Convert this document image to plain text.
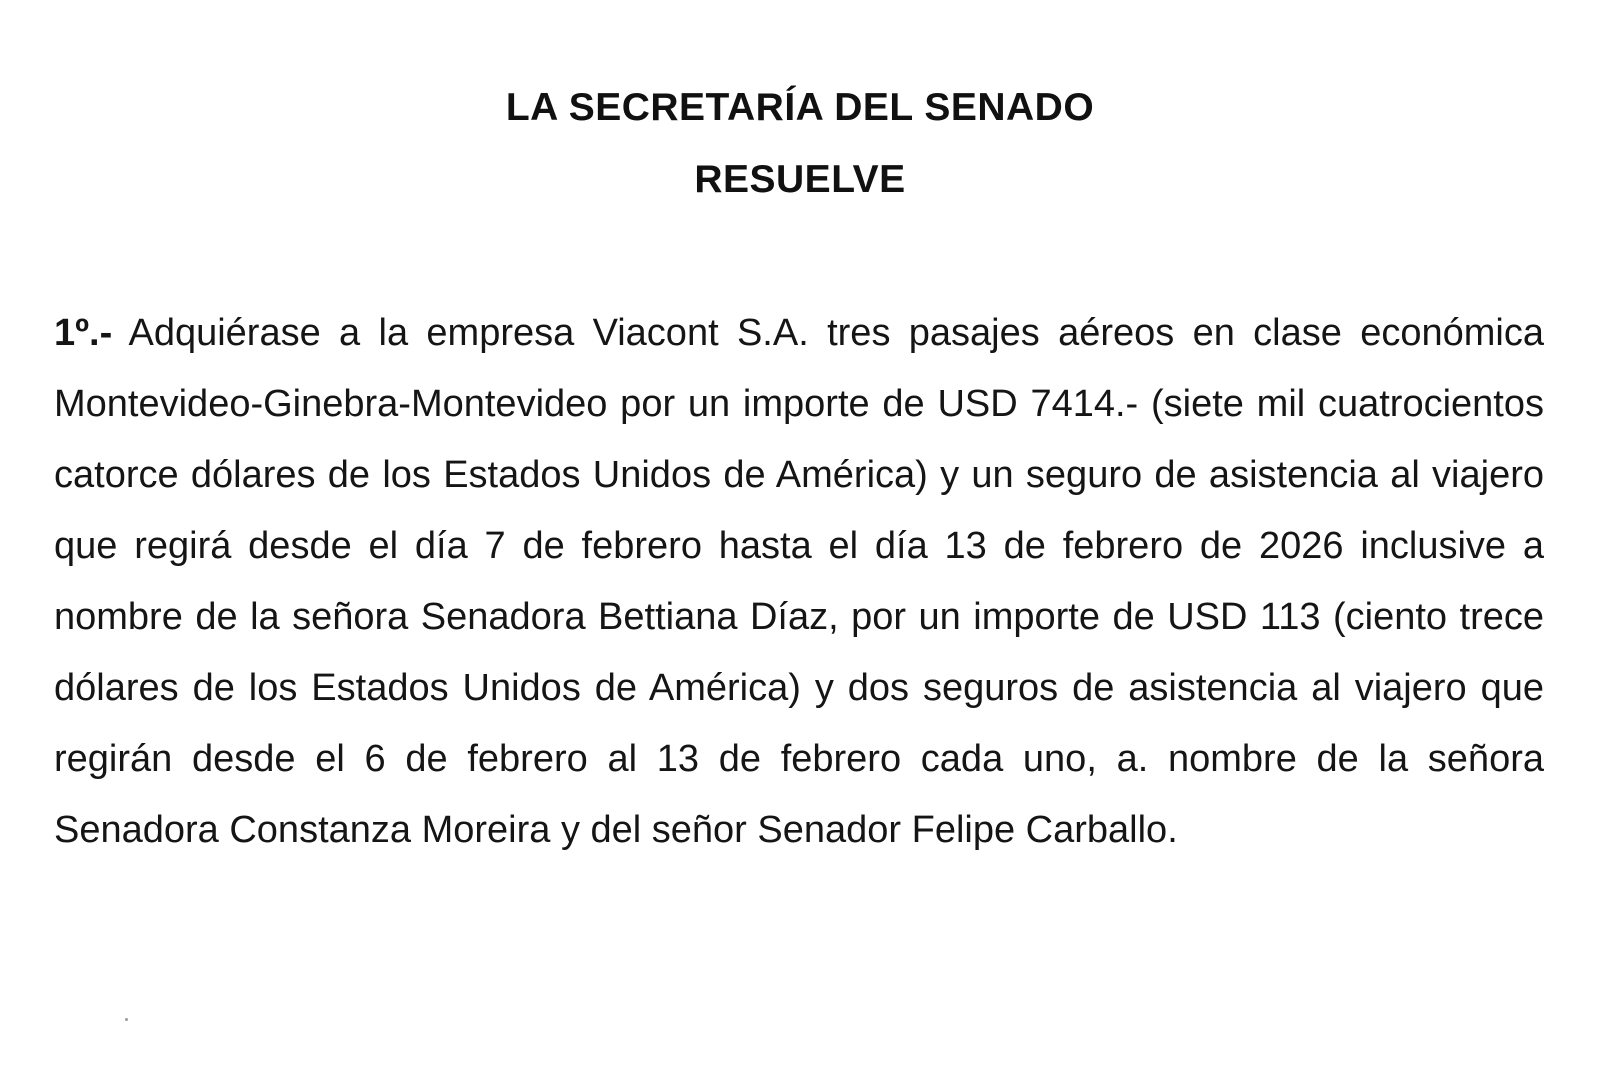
LA SECRETARÍA DEL SENADO
RESUELVE

1º.- Adquiérase a la empresa Viacont S.A. tres pasajes aéreos en clase económica Montevideo-Ginebra-Montevideo por un importe de USD 7414.- (siete mil cuatrocientos catorce dólares de los Estados Unidos de América) y un seguro de asistencia al viajero que regirá desde el día 7 de febrero hasta el día 13 de febrero de 2026 inclusive a nombre de la señora Senadora Bettiana Díaz, por un importe de USD 113 (ciento trece dólares de los Estados Unidos de América) y dos seguros de asistencia al viajero que regirán desde el 6 de febrero al 13 de febrero cada uno, a. nombre de la señora Senadora Constanza Moreira y del señor Senador Felipe Carballo.
